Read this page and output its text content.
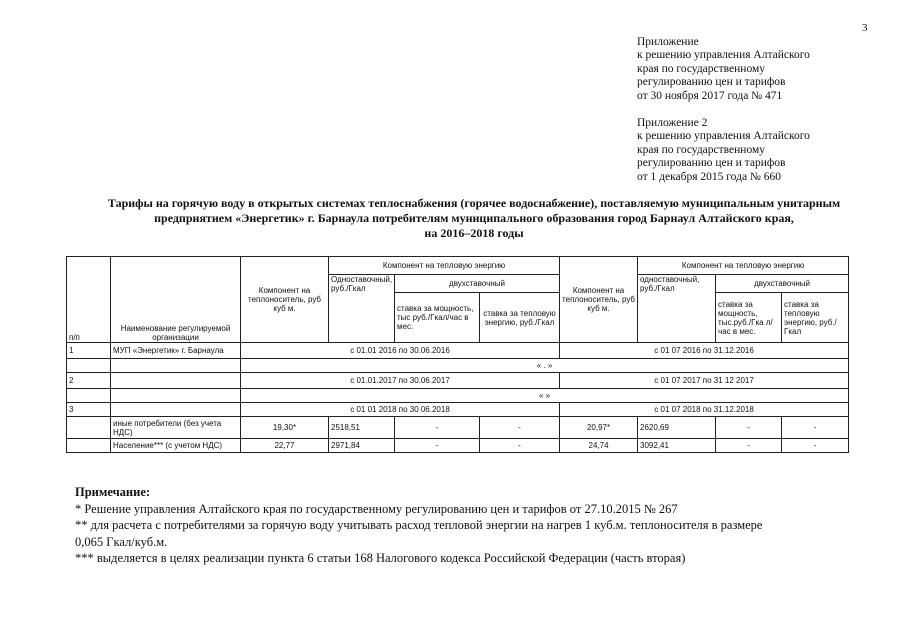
3
Приложение
к решению управления Алтайского
края по государственному
регулированию цен и тарифов
от 30 ноября 2017 года № 471
Приложение 2
к решению управления Алтайского
края по государственному
регулированию цен и тарифов
от 1 декабря 2015 года № 660
Тарифы на горячую воду в открытых системах теплоснабжения (горячее водоснабжение), поставляемую муниципальным унитарным
предприятием «Энергетик» г. Барнаула потребителям муниципального образования город Барнаул Алтайского края,
на 2016–2018 годы
п/п	Наименование регулируемой организации	Компонент на теплоноситель, руб куб м.	Компонент на тепловую энергию			Компонент на теплоноситель, руб куб м.	Компонент на тепловую энергию		
			Одноставочный, руб./Гкал	двухставочный			одноставочный, руб./Гкал	двухставочный	
				ставка за мощность, тыс руб./Гкал/час в мес.	ставка за тепловую энергию, руб./Гкал			ставка за мощность, тыс.руб./Гка л/час в мес.	ставка за тепловую энергию, руб./Гкал
1	МУП «Энергетик» г. Барнаула	с 01.01 2016 по 30.06.2016				с 01 07 2016 по 31.12.2016			
		« . »							
2		с 01.01.2017 по 30.06.2017				с 01 07 2017 по 31 12 2017			
		« »							
3		с 01 01 2018 по 30 06.2018				с 01 07 2018 по 31.12.2018			
	иные потребители (без учета НДС)	19,30*	2518,51	-	-	20,97*	2620,69	-	-
	Население*** (с учетом НДС)	22,77	2971,84	-	-	24,74	3092,41	-	-
Примечание:
* Решение управления Алтайского края по государственному регулированию цен и тарифов от 27.10.2015 № 267
** для расчета с потребителями за горячую воду учитывать расход тепловой энергии на нагрев 1 куб.м. теплоносителя в размере
0,065 Гкал/куб.м.
*** выделяется в целях реализации пункта 6 статьи 168 Налогового кодекса Российской Федерации (часть вторая)
